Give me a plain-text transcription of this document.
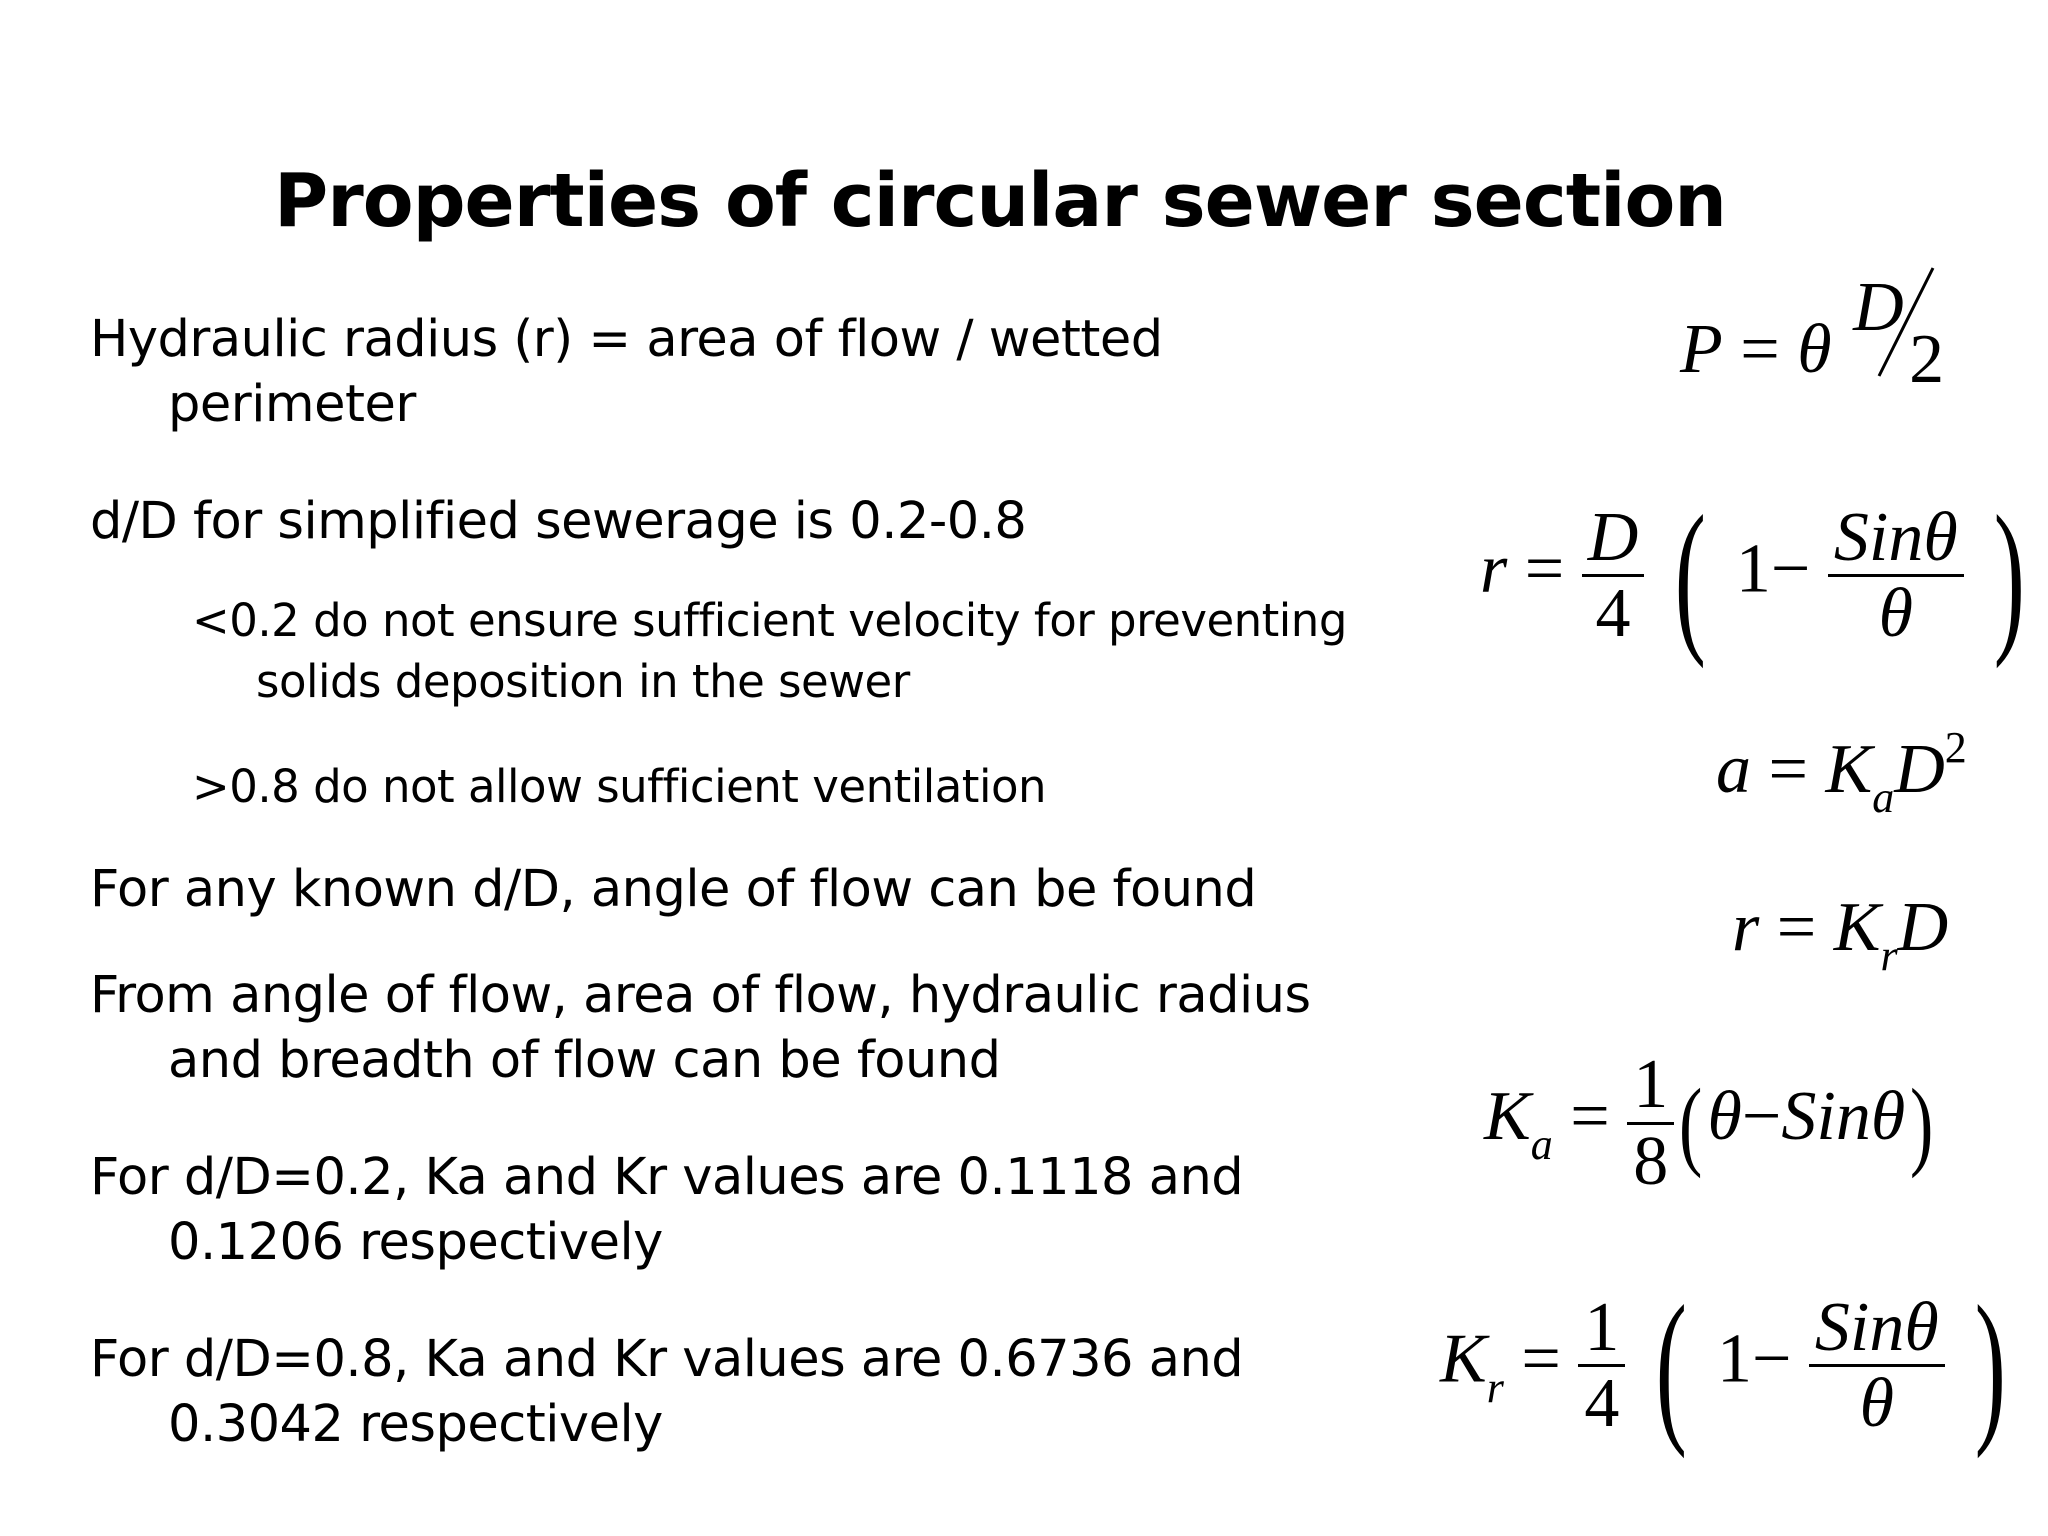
Properties of circular sewer section
Hydraulic radius (r) = area of flow / wetted
perimeter
d/D for simplified sewerage is 0.2-0.8
<0.2 do not ensure sufficient velocity for preventing
solids deposition in the sewer
>0.8 do not allow sufficient ventilation
For any known d/D, angle of flow can be found
From angle of flow, area of flow, hydraulic radius
and breadth of flow can be found
For d/D=0.2, Ka and Kr values are 0.1118 and
0.1206 respectively
For d/D=0.8, Ka and Kr values are 0.6736 and
0.3042 respectively
P = θ
D
2
$r = \frac{D}{4}$ ( $1- \frac{\text{Sinθ}}{\theta}$ )
$a = K_aD^2$
$r = K_rD$
$K_a = \frac{1}{8} (\theta-Sin\theta)$
$K_r = \frac{1}{4}$ ( $1- \frac{\text{Sinθ}}{\theta}$ )
